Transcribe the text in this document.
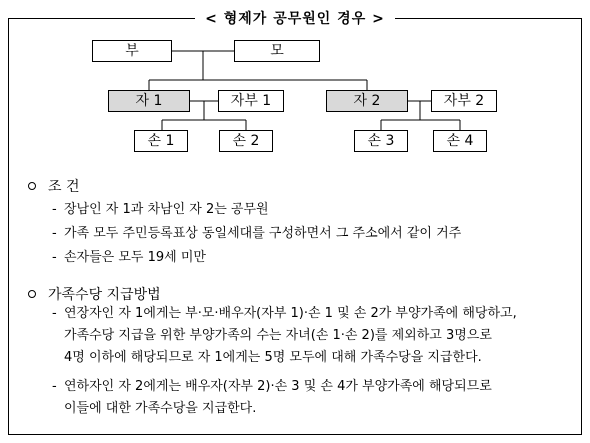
< 형제가 공무원인 경우 >
부	모
자 1	자부 1	자 2	자부 2
손 1	손 2	손 3	손 4
조 건
- 장남인 자 1과 차남인 자 2는 공무원
- 가족 모두 주민등록표상 동일세대를 구성하면서 그 주소에서 같이 거주
- 손자들은 모두 19세 미만
가족수당 지급방법
- 연장자인 자 1에게는 부·모·배우자(자부 1)·손 1 및 손 2가 부양가족에 해당하고,
가족수당 지급을 위한 부양가족의 수는 자녀(손 1·손 2)를 제외하고 3명으로
4명 이하에 해당되므로 자 1에게는 5명 모두에 대해 가족수당을 지급한다.
- 연하자인 자 2에게는 배우자(자부 2)·손 3 및 손 4가 부양가족에 해당되므로
이들에 대한 가족수당을 지급한다.
